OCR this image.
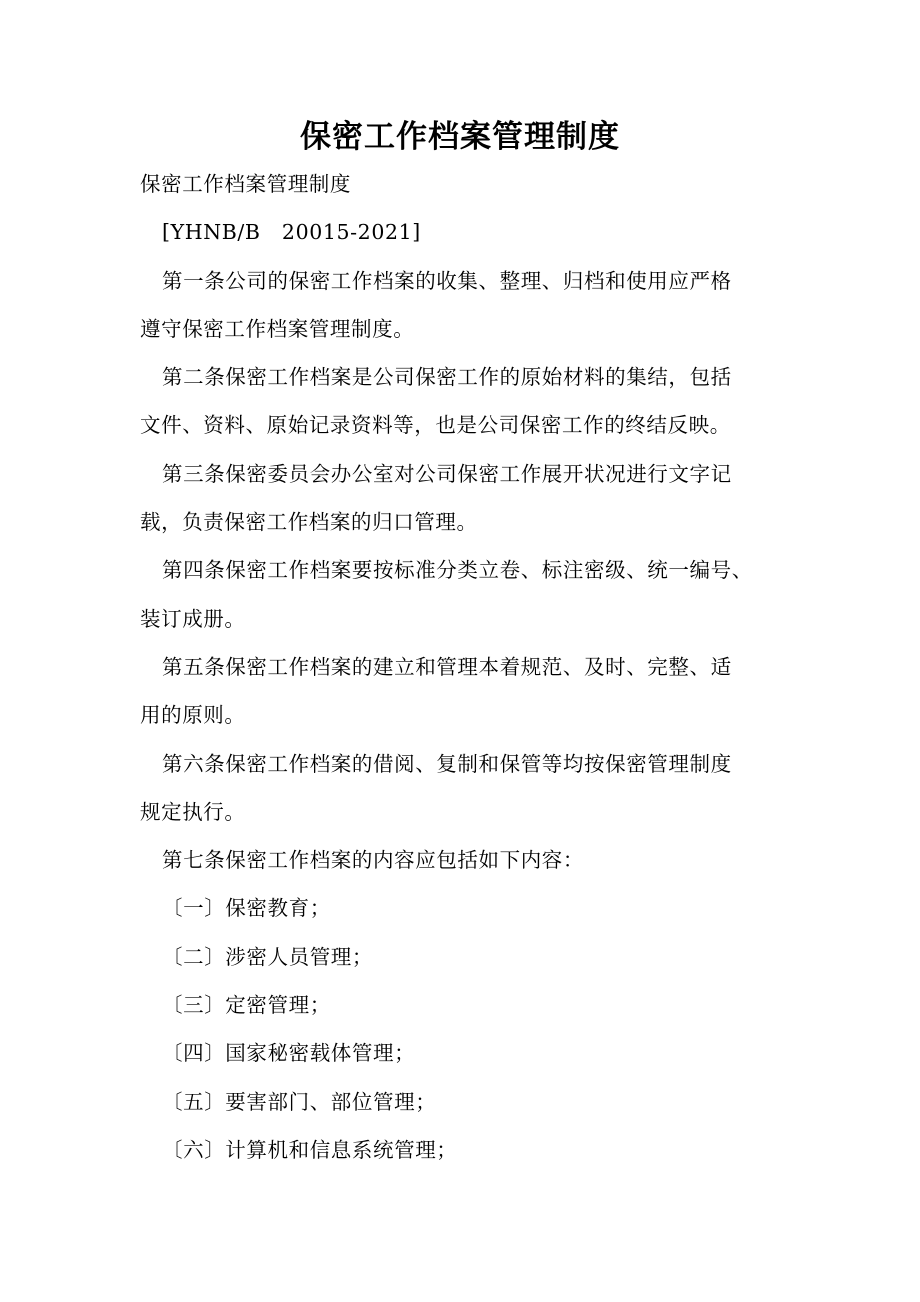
保密工作档案管理制度
保密工作档案管理制度
[YHNB/B   20015-2021]
第一条公司的保密工作档案的收集、整理、归档和使用应严格
遵守保密工作档案管理制度。
第二条保密工作档案是公司保密工作的原始材料的集结，包括
文件、资料、原始记录资料等，也是公司保密工作的终结反映。
第三条保密委员会办公室对公司保密工作展开状况进行文字记
载，负责保密工作档案的归口管理。
第四条保密工作档案要按标准分类立卷、标注密级、统一编号、
装订成册。
第五条保密工作档案的建立和管理本着规范、及时、完整、适
用的原则。
第六条保密工作档案的借阅、复制和保管等均按保密管理制度
规定执行。
第七条保密工作档案的内容应包括如下内容：
〔一〕保密教育；
〔二〕涉密人员管理；
〔三〕定密管理；
〔四〕国家秘密载体管理；
〔五〕要害部门、部位管理；
〔六〕计算机和信息系统管理；
